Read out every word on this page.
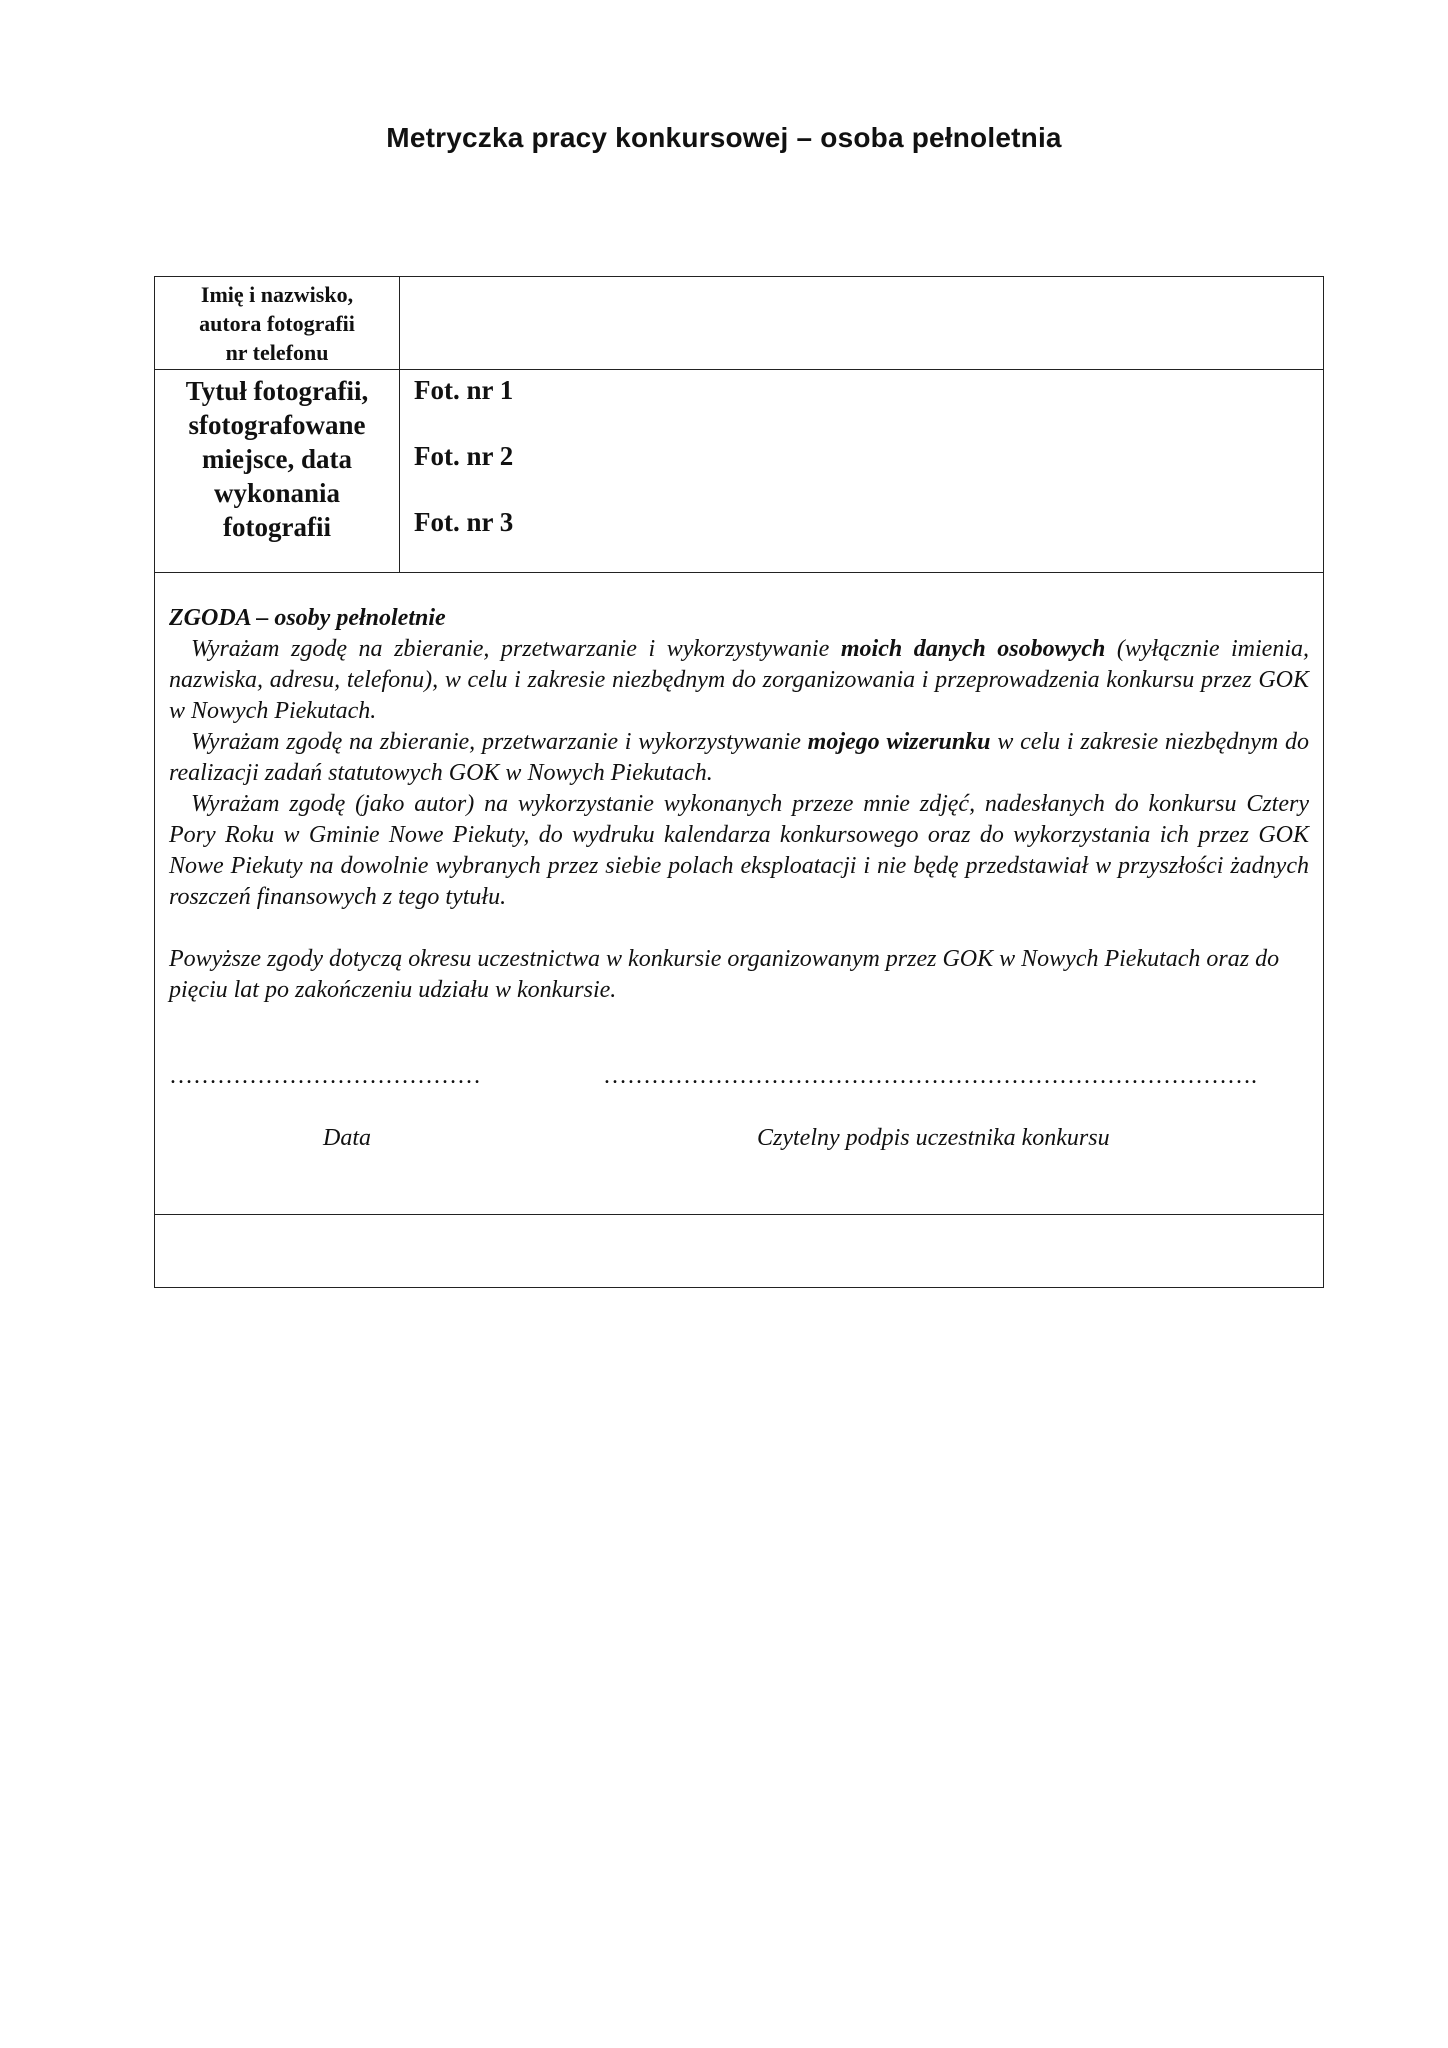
Metryczka pracy konkursowej – osoba pełnoletnia
Imię i nazwisko,
autora fotografii
nr telefonu
Tytuł fotografii,
sfotografowane
miejsce, data
wykonania
fotografii
Fot. nr 1
Fot. nr 2
Fot. nr 3
ZGODA – osoby pełnoletnie

Wyrażam zgodę na zbieranie, przetwarzanie i wykorzystywanie moich danych osobowych (wyłącznie imienia, nazwiska, adresu, telefonu), w celu i zakresie niezbędnym do zorganizowania i przeprowadzenia konkursu przez GOK w Nowych Piekutach.

Wyrażam zgodę na zbieranie, przetwarzanie i wykorzystywanie mojego wizerunku w celu i zakresie niezbędnym do realizacji zadań statutowych GOK w Nowych Piekutach.

Wyrażam zgodę (jako autor) na wykorzystanie wykonanych przeze mnie zdjęć, nadesłanych do konkursu Cztery Pory Roku w Gminie Nowe Piekuty, do wydruku kalendarza konkursowego oraz do wykorzystania ich przez GOK Nowe Piekuty na dowolnie wybranych przez siebie polach eksploatacji i nie będę przedstawiał w przyszłości żadnych roszczeń finansowych z tego tytułu.

Powyższe zgody dotyczą okresu uczestnictwa w konkursie organizowanym przez GOK w Nowych Piekutach oraz do pięciu lat po zakończeniu udziału w konkursie.

…………………………………	……………………………………………………………………….
Data	Czytelny podpis uczestnika konkursu
